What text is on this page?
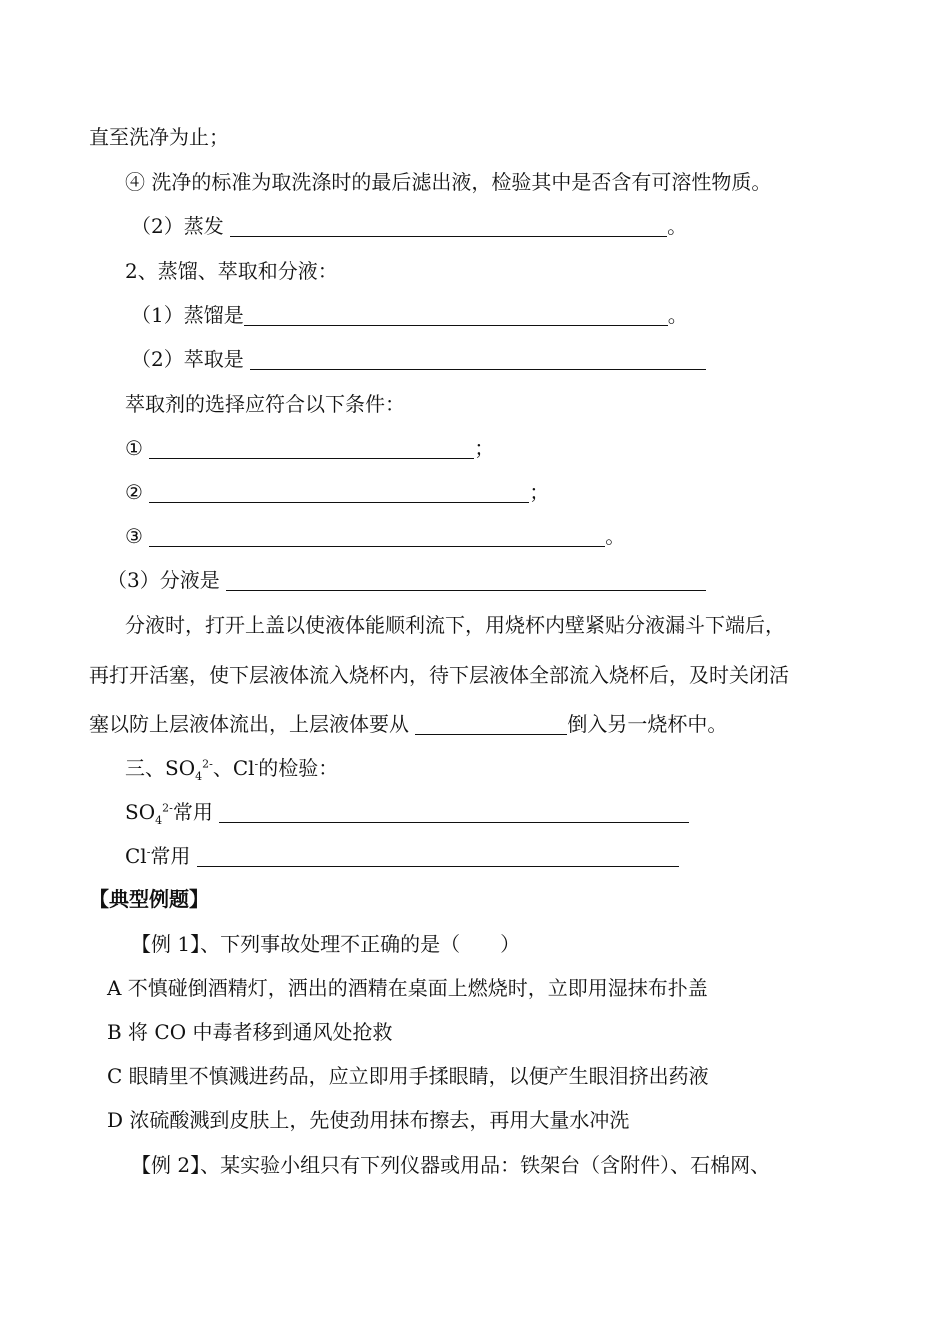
直至洗净为止；
④ 洗净的标准为取洗涤时的最后滤出液，检验其中是否含有可溶性物质。
（2）蒸发	。
2、蒸馏、萃取和分液：
（1）蒸馏是	。
（2）萃取是
萃取剂的选择应符合以下条件：
①	；
②	；
③	。
（3）分液是
分液时，打开上盖以使液体能顺利流下，用烧杯内壁紧贴分液漏斗下端后，
再打开活塞，使下层液体流入烧杯内，待下层液体全部流入烧杯后，及时关闭活
塞以防上层液体流出，上层液体要从	倒入另一烧杯中。
三、$SO_4^{2-}$、Cl-的检验：
$SO_4^{2-}$常用
Cl-常用
【典型例题】
【例 1】、下列事故处理不正确的是（　　）
A 不慎碰倒酒精灯，洒出的酒精在桌面上燃烧时，立即用湿抹布扑盖
B 将 CO 中毒者移到通风处抢救
C 眼睛里不慎溅进药品，应立即用手揉眼睛，以便产生眼泪挤出药液
D 浓硫酸溅到皮肤上，先使劲用抹布擦去，再用大量水冲洗
【例 2】、某实验小组只有下列仪器或用品：铁架台（含附件）、石棉网、
